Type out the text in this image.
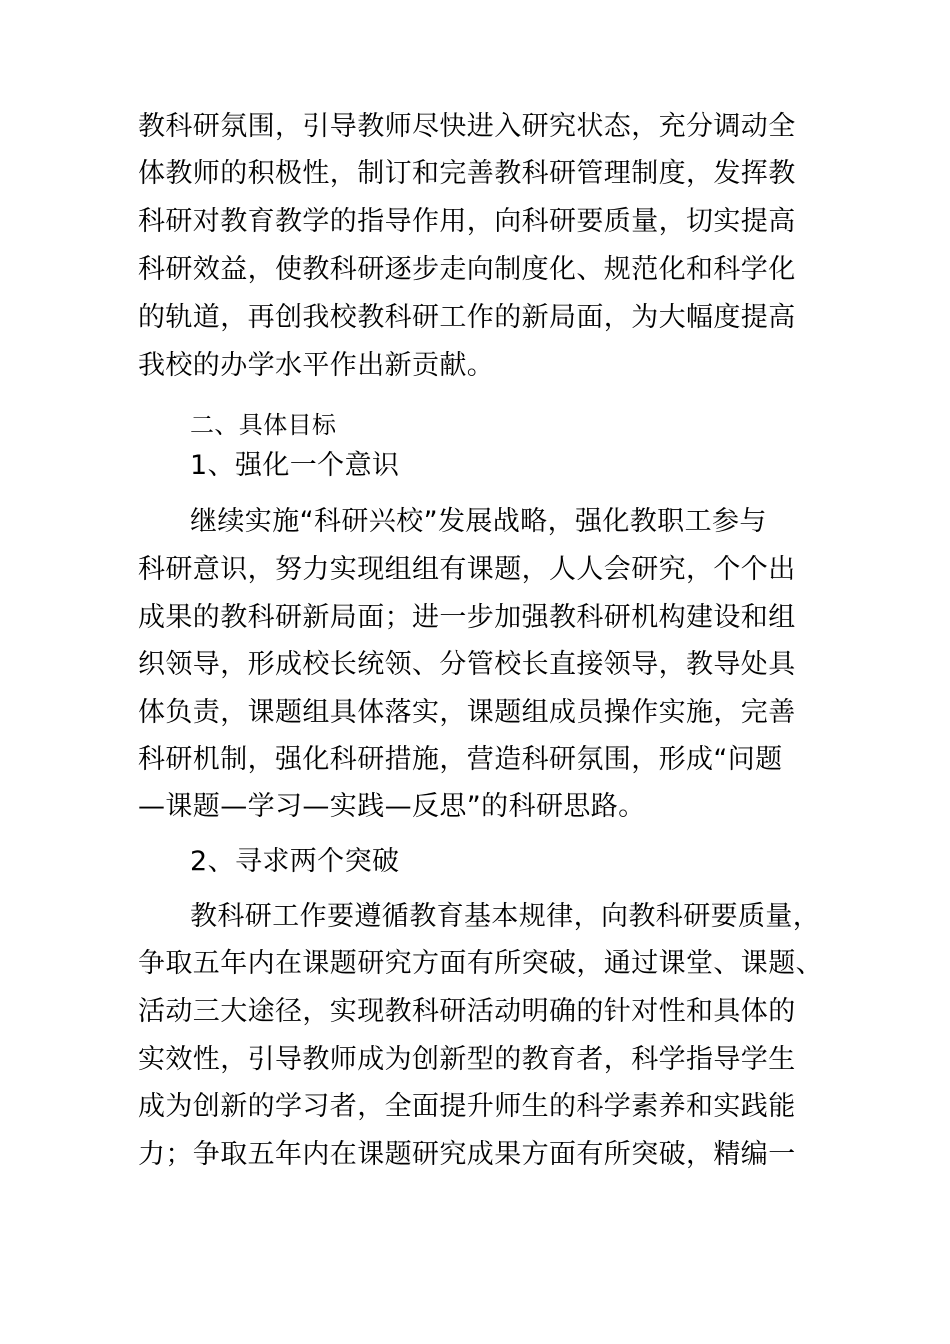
教科研氛围，引导教师尽快进入研究状态，充分调动全
体教师的积极性，制订和完善教科研管理制度，发挥教
科研对教育教学的指导作用，向科研要质量，切实提高
科研效益，使教科研逐步走向制度化、规范化和科学化
的轨道，再创我校教科研工作的新局面，为大幅度提高
我校的办学水平作出新贡献。
二、具体目标
1、强化一个意识
继续实施“科研兴校”发展战略，强化教职工参与
科研意识，努力实现组组有课题，人人会研究，个个出
成果的教科研新局面；进一步加强教科研机构建设和组
织领导，形成校长统领、分管校长直接领导，教导处具
体负责，课题组具体落实，课题组成员操作实施，完善
科研机制，强化科研措施，营造科研氛围，形成“问题
—课题—学习—实践—反思”的科研思路。
2、寻求两个突破
教科研工作要遵循教育基本规律，向教科研要质量，
争取五年内在课题研究方面有所突破，通过课堂、课题、
活动三大途径，实现教科研活动明确的针对性和具体的
实效性，引导教师成为创新型的教育者，科学指导学生
成为创新的学习者，全面提升师生的科学素养和实践能
力；争取五年内在课题研究成果方面有所突破，精编一
